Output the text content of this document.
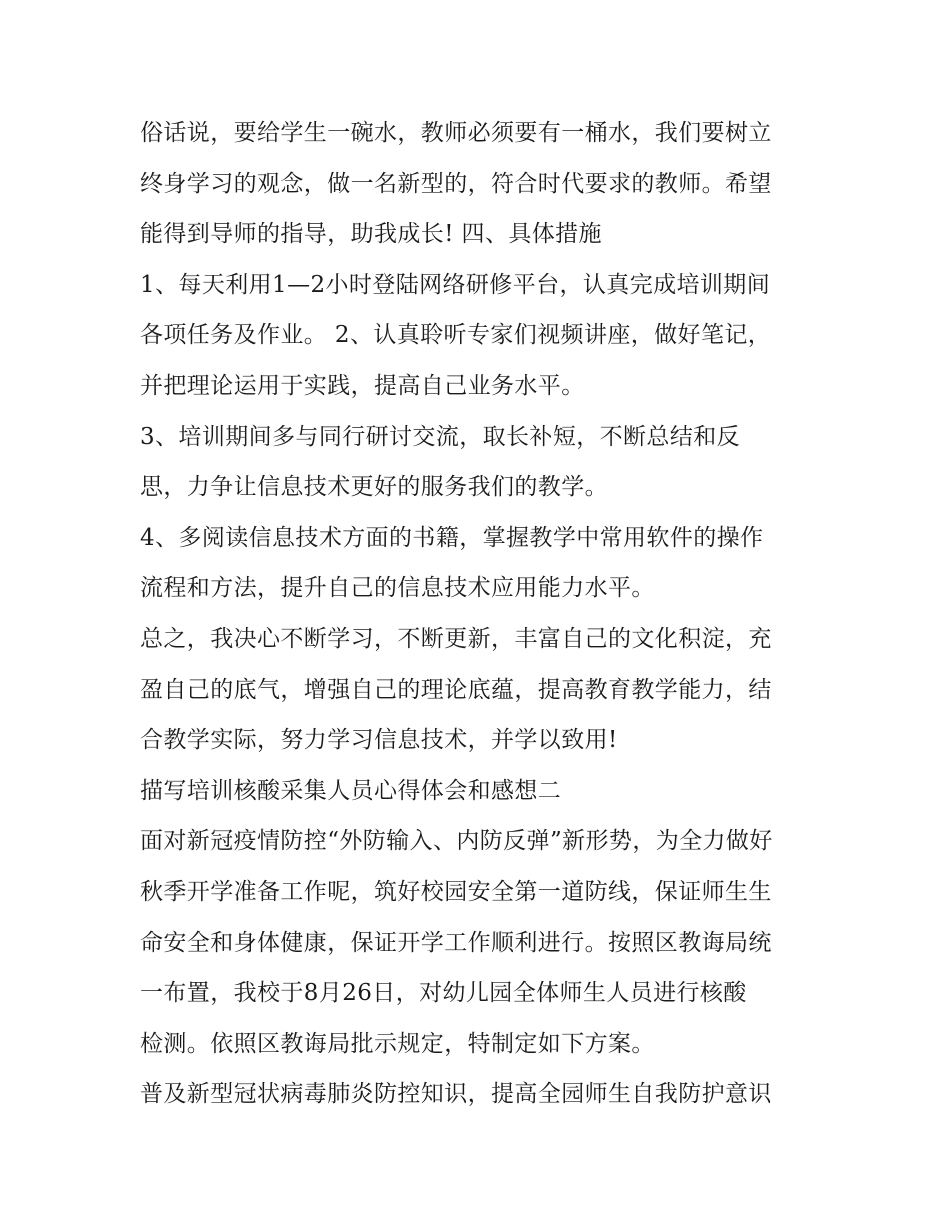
俗话说，要给学生一碗水，教师必须要有一桶水，我们要树立
终身学习的观念，做一名新型的，符合时代要求的教师。希望
能得到导师的指导，助我成长! 四、具体措施
1、每天利用1—2小时登陆网络研修平台，认真完成培训期间
各项任务及作业。 2、认真聆听专家们视频讲座，做好笔记，
并把理论运用于实践，提高自己业务水平。
3、培训期间多与同行研讨交流，取长补短，不断总结和反
思，力争让信息技术更好的服务我们的教学。
4、多阅读信息技术方面的书籍，掌握教学中常用软件的操作
流程和方法，提升自己的信息技术应用能力水平。
总之，我决心不断学习，不断更新，丰富自己的文化积淀，充
盈自己的底气，增强自己的理论底蕴，提高教育教学能力，结
合教学实际，努力学习信息技术，并学以致用!
描写培训核酸采集人员心得体会和感想二
面对新冠疫情防控“外防输入、内防反弹”新形势，为全力做好
秋季开学准备工作呢，筑好校园安全第一道防线，保证师生生
命安全和身体健康，保证开学工作顺利进行。按照区教诲局统
一布置，我校于8月26日，对幼儿园全体师生人员进行核酸
检测。依照区教诲局批示规定，特制定如下方案。
普及新型冠状病毒肺炎防控知识，提高全园师生自我防护意识
